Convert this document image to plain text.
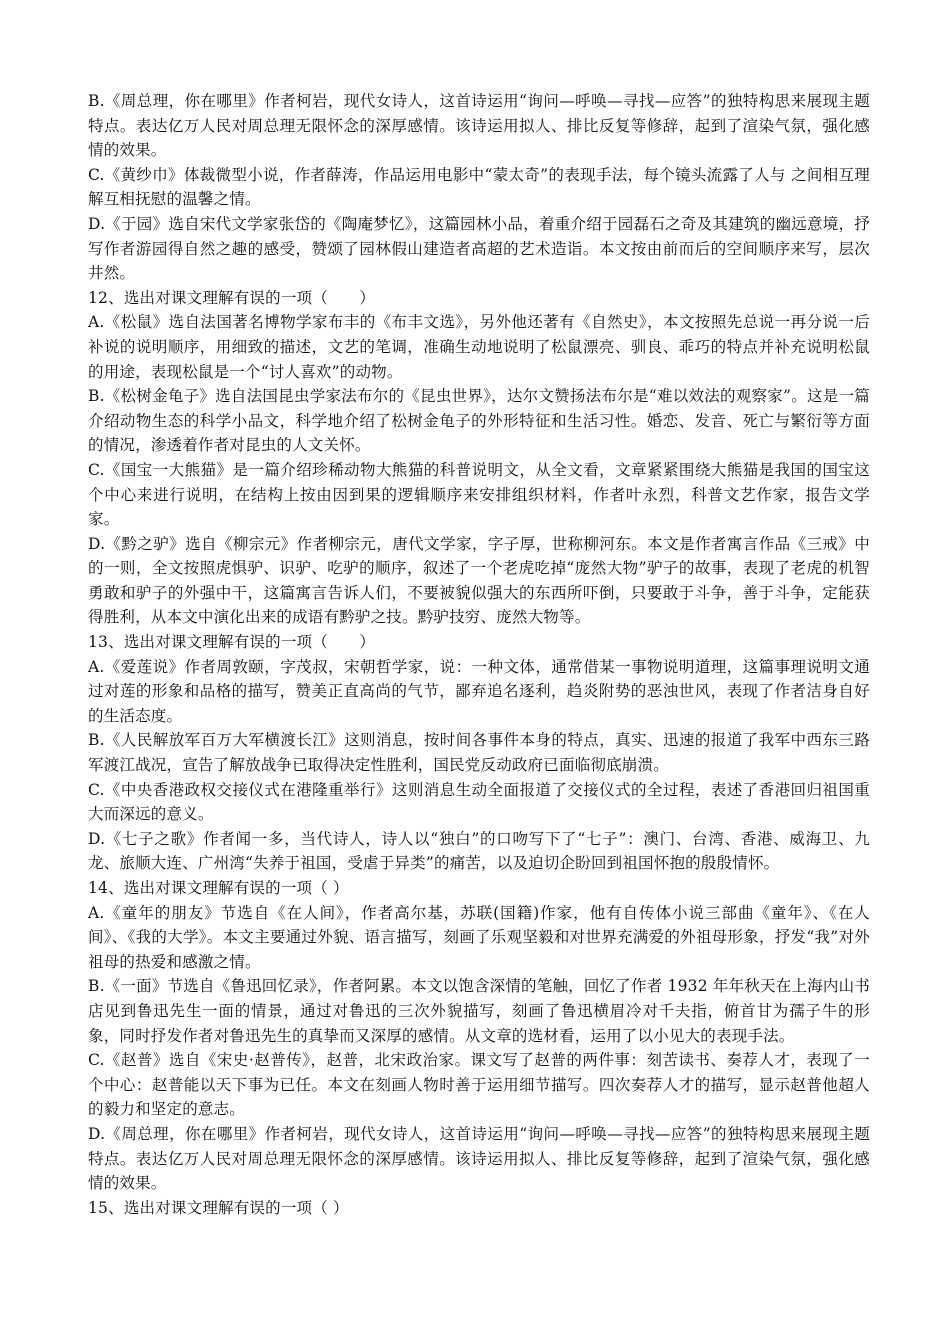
B.《周总理，你在哪里》作者柯岩，现代女诗人，这首诗运用“询问—呼唤—寻找—应答”的独特构思来展现主题特点。表达亿万人民对周总理无限怀念的深厚感情。该诗运用拟人、排比反复等修辞，起到了渲染气氛，强化感情的效果。

C.《黄纱巾》体裁微型小说，作者薛涛，作品运用电影中“蒙太奇”的表现手法，每个镜头流露了人与 之间相互理解互相抚慰的温馨之情。

D.《于园》选自宋代文学家张岱的《陶庵梦忆》，这篇园林小品，着重介绍于园磊石之奇及其建筑的幽远意境，抒写作者游园得自然之趣的感受，赞颂了园林假山建造者高超的艺术造诣。本文按由前而后的空间顺序来写，层次井然。

12、选出对课文理解有误的一项（　　）

A.《松鼠》选自法国著名博物学家布丰的《布丰文选》，另外他还著有《自然史》，本文按照先总说一再分说一后补说的说明顺序，用细致的描述，文艺的笔调，准确生动地说明了松鼠漂亮、驯良、乖巧的特点并补充说明松鼠的用途，表现松鼠是一个“讨人喜欢”的动物。

B.《松树金龟子》选自法国昆虫学家法布尔的《昆虫世界》，达尔文赞扬法布尔是“难以效法的观察家”。这是一篇介绍动物生态的科学小品文，科学地介绍了松树金龟子的外形特征和生活习性。婚恋、发音、死亡与繁衍等方面的情况，渗透着作者对昆虫的人文关怀。

C.《国宝一大熊猫》是一篇介绍珍稀动物大熊猫的科普说明文，从全文看，文章紧紧围绕大熊猫是我国的国宝这个中心来进行说明，在结构上按由因到果的逻辑顺序来安排组织材料，作者叶永烈，科普文艺作家，报告文学家。

D.《黔之驴》选自《柳宗元》作者柳宗元，唐代文学家，字子厚，世称柳河东。本文是作者寓言作品《三戒》中的一则，全文按照虎惧驴、识驴、吃驴的顺序，叙述了一个老虎吃掉“庞然大物”驴子的故事，表现了老虎的机智勇敢和驴子的外强中干，这篇寓言告诉人们，不要被貌似强大的东西所吓倒，只要敢于斗争，善于斗争，定能获得胜利，从本文中演化出来的成语有黔驴之技。黔驴技穷、庞然大物等。

13、选出对课文理解有误的一项（　　）

A.《爱莲说》作者周敦颐，字茂叔，宋朝哲学家，说：一种文体，通常借某一事物说明道理，这篇事理说明文通过对莲的形象和品格的描写，赞美正直高尚的气节，鄙弃追名逐利，趋炎附势的恶浊世风，表现了作者洁身自好的生活态度。

B.《人民解放军百万大军横渡长江》这则消息，按时间各事件本身的特点，真实、迅速的报道了我军中西东三路军渡江战况，宣告了解放战争已取得决定性胜利，国民党反动政府已面临彻底崩溃。

C.《中央香港政权交接仪式在港隆重举行》这则消息生动全面报道了交接仪式的全过程，表述了香港回归祖国重大而深远的意义。

D.《七子之歌》作者闻一多，当代诗人，诗人以“独白”的口吻写下了“七子”：澳门、台湾、香港、威海卫、九龙、旅顺大连、广州湾“失养于祖国，受虐于异类”的痛苦，以及迫切企盼回到祖国怀抱的殷殷情怀。

14、选出对课文理解有误的一项（ ）

A.《童年的朋友》节选自《在人间》，作者高尔基，苏联(国籍)作家，他有自传体小说三部曲《童年》、《在人间》、《我的大学》。本文主要通过外貌、语言描写，刻画了乐观坚毅和对世界充满爱的外祖母形象，抒发“我”对外祖母的热爱和感激之情。

B.《一面》节选自《鲁迅回忆录》，作者阿累。本文以饱含深情的笔触，回忆了作者 1932 年年秋天在上海内山书店见到鲁迅先生一面的情景，通过对鲁迅的三次外貌描写，刻画了鲁迅横眉冷对千夫指，俯首甘为孺子牛的形象，同时抒发作者对鲁迅先生的真挚而又深厚的感情。从文章的选材看，运用了以小见大的表现手法。

C.《赵普》选自《宋史·赵普传》，赵普，北宋政治家。课文写了赵普的两件事：刻苦读书、奏荐人才，表现了一个中心：赵普能以天下事为已任。本文在刻画人物时善于运用细节描写。四次奏荐人才的描写，显示赵普他超人的毅力和坚定的意志。

D.《周总理，你在哪里》作者柯岩，现代女诗人，这首诗运用“询问—呼唤—寻找—应答”的独特构思来展现主题特点。表达亿万人民对周总理无限怀念的深厚感情。该诗运用拟人、排比反复等修辞，起到了渲染气氛，强化感情的效果。

15、选出对课文理解有误的一项（ ）
